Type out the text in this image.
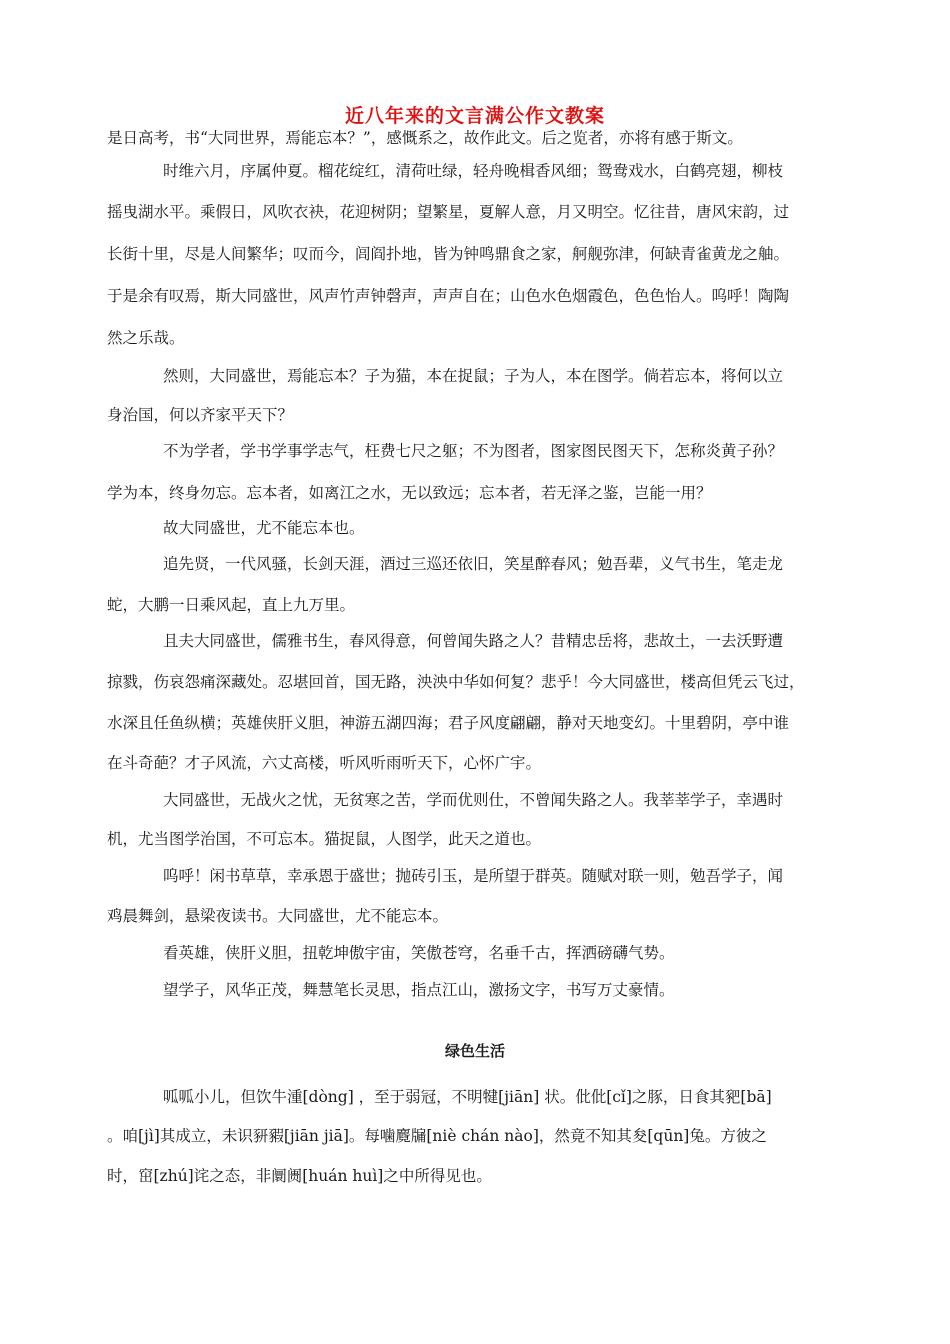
近八年来的文言满公作文教案

是日高考，书“大同世界，焉能忘本？”，感慨系之，故作此文。后之览者，亦将有感于斯文。

时维六月，序属仲夏。榴花绽红，清荷吐绿，轻舟晚楫香风细；鸳鸯戏水，白鹤亮翅，柳枝

摇曳湖水平。乘假日，风吹衣袂，花迎树阴；望繁星，夏解人意，月又明空。忆往昔，唐风宋韵，过

长街十里，尽是人间繁华；叹而今，闾阎扑地，皆为钟鸣鼎食之家，舸舰弥津，何缺青雀黄龙之舳。

于是余有叹焉，斯大同盛世，风声竹声钟磬声，声声自在；山色水色烟霞色，色色怡人。呜呼！陶陶

然之乐哉。

然则，大同盛世，焉能忘本？子为猫，本在捉鼠；子为人，本在图学。倘若忘本，将何以立

身治国，何以齐家平天下？

不为学者，学书学事学志气，枉费七尺之躯；不为图者，图家图民图天下，怎称炎黄子孙？

学为本，终身勿忘。忘本者，如离江之水，无以致远；忘本者，若无泽之鉴，岂能一用？

故大同盛世，尤不能忘本也。

追先贤，一代风骚，长剑天涯，酒过三巡还依旧，笑星醉春风；勉吾辈，义气书生，笔走龙

蛇，大鹏一日乘风起，直上九万里。

且夫大同盛世，儒雅书生，春风得意，何曾闻失路之人？昔精忠岳将，悲故土，一去沃野遭

掠戮，伤哀怨痛深藏处。忍堪回首，国无路，泱泱中华如何复？悲乎！今大同盛世，楼高但凭云飞过，

水深且任鱼纵横；英雄侠肝义胆，神游五湖四海；君子风度翩翩，静对天地变幻。十里碧阴，亭中谁

在斗奇葩？才子风流，六丈高楼，听风听雨听天下，心怀广宇。

大同盛世，无战火之忧，无贫寒之苦，学而优则仕，不曾闻失路之人。我莘莘学子，幸遇时

机，尤当图学治国，不可忘本。猫捉鼠，人图学，此天之道也。

呜呼！闲书草草，幸承恩于盛世；抛砖引玉，是所望于群英。随赋对联一则，勉吾学子，闻

鸡晨舞剑，悬梁夜读书。大同盛世，尤不能忘本。

看英雄，侠肝义胆，扭乾坤傲宇宙，笑傲苍穹，名垂千古，挥洒磅礴气势。

望学子，风华正茂，舞慧笔长灵思，指点江山，激扬文字，书写万丈豪情。

绿色生活

呱呱小儿，但饮牛湩[dòng] ，至于弱冠，不明犍[jiān] 状。仳仳[cǐ]之豚，日食其豝[bā]

。咱[jì]其成立，未识豜豭[jiān jiā]。每噛麑牖[niè chán nào]，然竟不知其夋[qūn]兔。方彼之

时，窋[zhú]诧之态，非阛阓[huán huì]之中所得见也。
